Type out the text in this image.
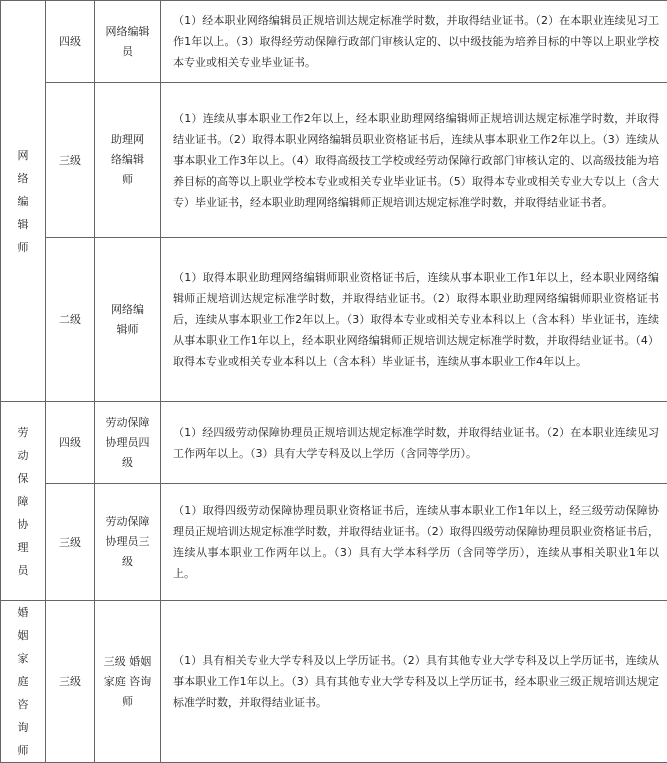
网络编辑师	四级	网络编辑员	（1）经本职业网络编辑员正规培训达规定标准学时数，并取得结业证书。（2）在本职业连续见习工作1年以上。（3）取得经劳动保障行政部门审核认定的、以中级技能为培养目标的中等以上职业学校本专业或相关专业毕业证书。
	三级	助理网络编辑师	（1）连续从事本职业工作2年以上，经本职业助理网络编辑师正规培训达规定标准学时数，并取得结业证书。（2）取得本职业网络编辑员职业资格证书后，连续从事本职业工作2年以上。（3）连续从事本职业工作3年以上。（4）取得高级技工学校或经劳动保障行政部门审核认定的、以高级技能为培养目标的高等以上职业学校本专业或相关专业毕业证书。（5）取得本专业或相关专业大专以上（含大专）毕业证书，经本职业助理网络编辑师正规培训达规定标准学时数，并取得结业证书者。
	二级	网络编辑师	（1）取得本职业助理网络编辑师职业资格证书后，连续从事本职业工作1年以上，经本职业网络编辑师正规培训达规定标准学时数，并取得结业证书。（2）取得本职业助理网络编辑师职业资格证书后，连续从事本职业工作2年以上。（3）取得本专业或相关专业本科以上（含本科）毕业证书，连续从事本职业工作1年以上，经本职业网络编辑师正规培训达规定标准学时数，并取得结业证书。（4）取得本专业或相关专业本科以上（含本科）毕业证书，连续从事本职业工作4年以上。
劳动保障协理员	四级	劳动保障协理员四级	（1）经四级劳动保障协理员正规培训达规定标准学时数，并取得结业证书。（2）在本职业连续见习工作两年以上。（3）具有大学专科及以上学历（含同等学历）。
	三级	劳动保障协理员三级	（1）取得四级劳动保障协理员职业资格证书后，连续从事本职业工作1年以上，经三级劳动保障协理员正规培训达规定标准学时数，并取得结业证书。（2）取得四级劳动保障协理员职业资格证书后，连续从事本职业工作两年以上。（3）具有大学本科学历（含同等学历），连续从事相关职业1年以上。
婚姻家庭咨询师	三级	三级 婚姻 家庭 咨询师	（1）具有相关专业大学专科及以上学历证书。（2）具有其他专业大学专科及以上学历证书，连续从事本职业工作1年以上。（3）具有其他专业大学专科及以上学历证书，经本职业三级正规培训达规定标准学时数，并取得结业证书。
